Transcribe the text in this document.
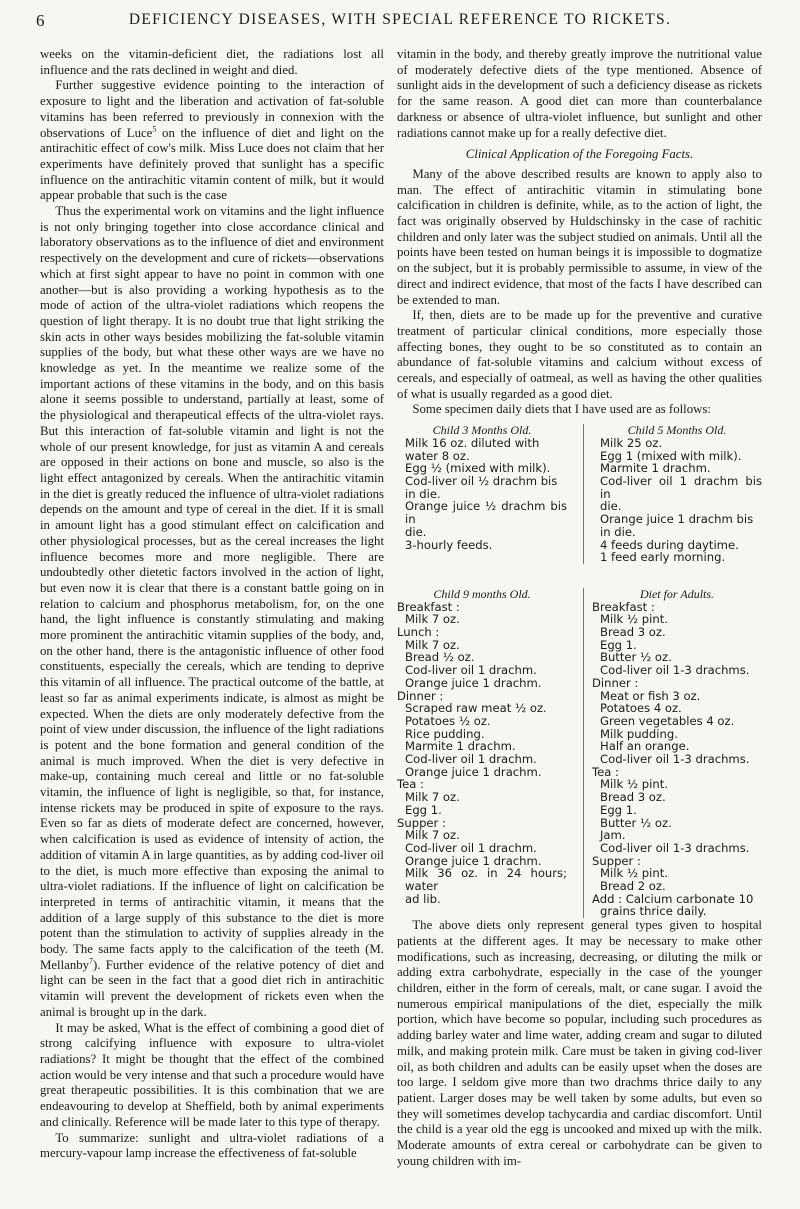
6	DEFICIENCY DISEASES, WITH SPECIAL REFERENCE TO RICKETS.

weeks on the vitamin-deficient diet, the radiations lost all influence and the rats declined in weight and died.

Further suggestive evidence pointing to the interaction of exposure to light and the liberation and activation of fat-soluble vitamins has been referred to previously in connexion with the observations of Luce$^5$ on the influence of diet and light on the antirachitic effect of cow's milk. Miss Luce does not claim that her experiments have definitely proved that sunlight has a specific influence on the antirachitic vitamin content of milk, but it would appear probable that such is the case

Thus the experimental work on vitamins and the light influence is not only bringing together into close accordance clinical and laboratory observations as to the influence of diet and environment respectively on the development and cure of rickets—observations which at first sight appear to have no point in common with one another—but is also providing a working hypothesis as to the mode of action of the ultra-violet radiations which reopens the question of light therapy. It is no doubt true that light striking the skin acts in other ways besides mobilizing the fat-soluble vitamin supplies of the body, but what these other ways are we have no knowledge as yet. In the meantime we realize some of the important actions of these vitamins in the body, and on this basis alone it seems possible to understand, partially at least, some of the physiological and therapeutical effects of the ultra-violet rays. But this interaction of fat-soluble vitamin and light is not the whole of our present knowledge, for just as vitamin A and cereals are opposed in their actions on bone and muscle, so also is the light effect antagonized by cereals. When the antirachitic vitamin in the diet is greatly reduced the influence of ultra-violet radiations depends on the amount and type of cereal in the diet. If it is small in amount light has a good stimulant effect on calcification and other physiological processes, but as the cereal increases the light influence becomes more and more negligible. There are undoubtedly other dietetic factors involved in the action of light, but even now it is clear that there is a constant battle going on in relation to calcium and phosphorus metabolism, for, on the one hand, the light influence is constantly stimulating and making more prominent the antirachitic vitamin supplies of the body, and, on the other hand, there is the antagonistic influence of other food constituents, especially the cereals, which are tending to deprive this vitamin of all influence. The practical outcome of the battle, at least so far as animal experiments indicate, is almost as might be expected. When the diets are only moderately defective from the point of view under discussion, the influence of the light radiations is potent and the bone formation and general condition of the animal is much improved. When the diet is very defective in make-up, containing much cereal and little or no fat-soluble vitamin, the influence of light is negligible, so that, for instance, intense rickets may be produced in spite of exposure to the rays. Even so far as diets of moderate defect are concerned, however, when calcification is used as evidence of intensity of action, the addition of vitamin A in large quantities, as by adding cod-liver oil to the diet, is much more effective than exposing the animal to ultra-violet radiations. If the influence of light on calcification be interpreted in terms of antirachitic vitamin, it means that the addition of a large supply of this substance to the diet is more potent than the stimulation to activity of supplies already in the body. The same facts apply to the calcification of the teeth (M. Mellanby$^7$). Further evidence of the relative potency of diet and light can be seen in the fact that a good diet rich in antirachitic vitamin will prevent the development of rickets even when the animal is brought up in the dark.

It may be asked, What is the effect of combining a good diet of strong calcifying influence with exposure to ultra-violet radiations? It might be thought that the effect of the combined action would be very intense and that such a procedure would have great therapeutic possibilities. It is this combination that we are endeavouring to develop at Sheffield, both by animal experiments and clinically. Reference will be made later to this type of therapy.

To summarize: sunlight and ultra-violet radiations of a mercury-vapour lamp increase the effectiveness of fat-soluble

vitamin in the body, and thereby greatly improve the nutritional value of moderately defective diets of the type mentioned. Absence of sunlight aids in the development of such a deficiency disease as rickets for the same reason. A good diet can more than counterbalance darkness or absence of ultra-violet influence, but sunlight and other radiations cannot make up for a really defective diet.

Clinical Application of the Foregoing Facts.

Many of the above described results are known to apply also to man. The effect of antirachitic vitamin in stimulating bone calcification in children is definite, while, as to the action of light, the fact was originally observed by Huldschinsky in the case of rachitic children and only later was the subject studied on animals. Until all the points have been tested on human beings it is impossible to dogmatize on the subject, but it is probably permissible to assume, in view of the direct and indirect evidence, that most of the facts I have described can be extended to man.

If, then, diets are to be made up for the preventive and curative treatment of particular clinical conditions, more especially those affecting bones, they ought to be so constituted as to contain an abundance of fat-soluble vitamins and calcium without excess of cereals, and especially of oatmeal, as well as having the other qualities of what is usually regarded as a good diet.

Some specimen daily diets that I have used are as follows:

Child 3 Months Old.
Milk 16 oz. diluted with
water 8 oz.
Egg ½ (mixed with milk).
Cod-liver oil ½ drachm bis
in die.
Orange juice ½ drachm bis in
die.
3-hourly feeds.
Child 5 Months Old.
Milk 25 oz.
Egg 1 (mixed with milk).
Marmite 1 drachm.
Cod-liver oil 1 drachm bis in
die.
Orange juice 1 drachm bis
in die.
4 feeds during daytime.
1 feed early morning.
Child 9 months Old.
Breakfast :
Milk 7 oz.
Lunch :
Milk 7 oz.
Bread ½ oz.
Cod-liver oil 1 drachm.
Orange juice 1 drachm.
Dinner :
Scraped raw meat ½ oz.
Potatoes ½ oz.
Rice pudding.
Marmite 1 drachm.
Cod-liver oil 1 drachm.
Orange juice 1 drachm.
Tea :
Milk 7 oz.
Egg 1.
Supper :
Milk 7 oz.
Cod-liver oil 1 drachm.
Orange juice 1 drachm.
Milk 36 oz. in 24 hours; water
ad lib.
Diet for Adults.
Breakfast :
Milk ½ pint.
Bread 3 oz.
Egg 1.
Butter ½ oz.
Cod-liver oil 1-3 drachms.
Dinner :
Meat or fish 3 oz.
Potatoes 4 oz.
Green vegetables 4 oz.
Milk pudding.
Half an orange.
Cod-liver oil 1-3 drachms.
Tea :
Milk ½ pint.
Bread 3 oz.
Egg 1.
Butter ½ oz.
Jam.
Cod-liver oil 1-3 drachms.
Supper :
Milk ½ pint.
Bread 2 oz.
Add : Calcium carbonate 10
grains thrice daily.

The above diets only represent general types given to hospital patients at the different ages. It may be necessary to make other modifications, such as increasing, decreasing, or diluting the milk or adding extra carbohydrate, especially in the case of the younger children, either in the form of cereals, malt, or cane sugar. I avoid the numerous empirical manipulations of the diet, especially the milk portion, which have become so popular, including such procedures as adding barley water and lime water, adding cream and sugar to diluted milk, and making protein milk. Care must be taken in giving cod-liver oil, as both children and adults can be easily upset when the doses are too large. I seldom give more than two drachms thrice daily to any patient. Larger doses may be well taken by some adults, but even so they will sometimes develop tachycardia and cardiac discomfort. Until the child is a year old the egg is uncooked and mixed up with the milk. Moderate amounts of extra cereal or carbohydrate can be given to young children with im-
